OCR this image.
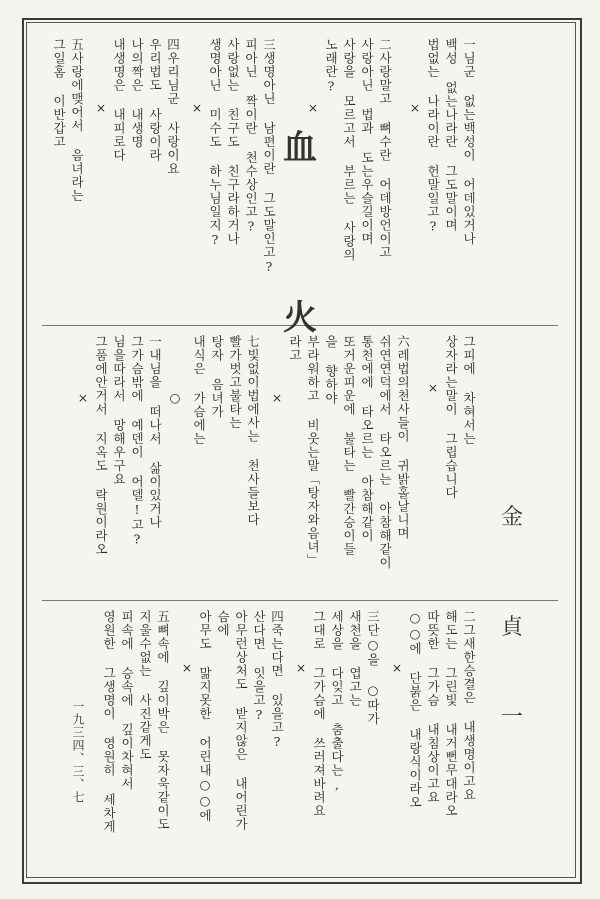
血
火
金
貞
一
一님군 없는백성이 어데있거나
백성 없는나라란 그도말이며
법없는 나라이란 헌말일고?
×
二사랑말고 뼈수란 어데방언이고
사랑아닌 법과 도는우슬길이며
사랑을 모르고서 부르는 사랑의
노래란?
×
三생명아닌 남편이란 그도말인고?
피아닌 짝이란 천수상인고?
사랑없는 친구도 친구라하거나
생명아닌 미수도 하누님일지?
×
四우리님군 사랑이요
우리법도 사랑이라
나의짝은 내생명
내생명은 내피로다
×
五사랑에맺어서 음녀라는
그일홈 이반갑고
그피에 차혀서는
상자라는말이 그립습니다
×
六레법의천사들이 귀밝홀날니며
쉬연연덕에서 타오르는 아참해같이
통천에에 타오르는 아참해같이
또거운피운에 불타는 빨간승이들
을 향하야
부라워하고 비웃는말「탕자와음녀」
라고
×
七빛없이법에사는 천사들보다
빨가벗고불타는
탕자 음녀가
내식은 가슴에는
○
一내님을 떠나서 삶이있거나
그가슴밖에 예덴이 어델!고?
님을따라서 망해우구요
그품에안거서 지옥도 락원이라오
×
二그새한승결은 내생명이고요
해도는 그린빛 내거뻔무대라오
따뜻한 그가슴 내침상이고요
○○에 단붉은 내랑식이라오
×
三단○을 ○따가
새천을 엽고는
세상을 다잊고 춤출다는,
그대로 그가슴에 쓰러져바려요
×
四죽는다면 있을고?
산다면 잇을고?
아무런상처도 받지않은 내어린가
슴에
아무도 맒지못한 어린내○○에
×
五뼈속에 깊이박은 못자욱같이도
지울수없는 사진같게도
피속에 승속에 깊이차혀서
영원한 그생명이 영원히 세차게
一九三四、三、七
